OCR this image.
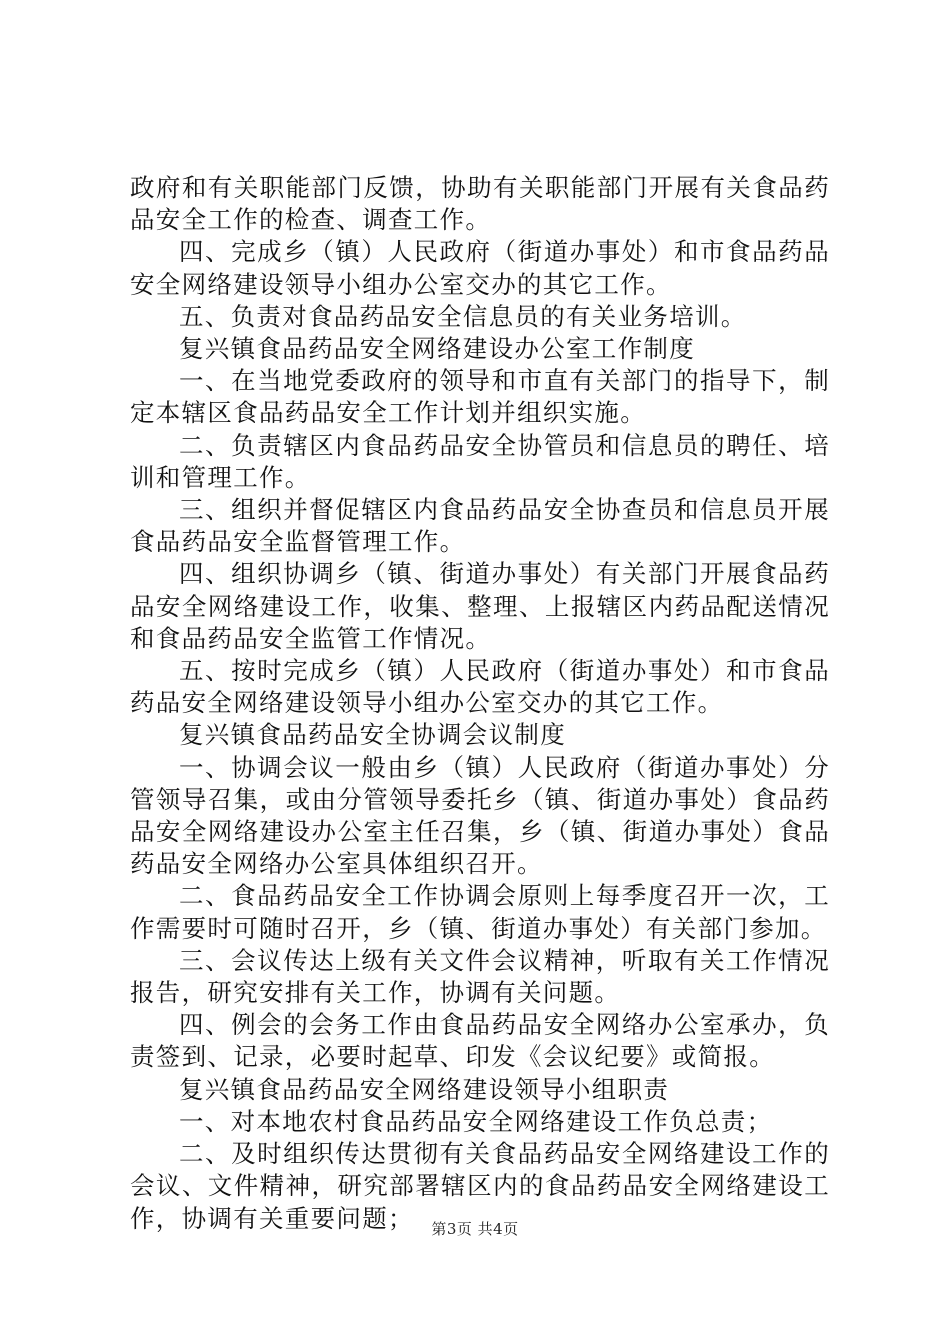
政府和有关职能部门反馈，协助有关职能部门开展有关食品药品安全工作的检查、调查工作。

四、完成乡（镇）人民政府（街道办事处）和市食品药品安全网络建设领导小组办公室交办的其它工作。

五、负责对食品药品安全信息员的有关业务培训。

复兴镇食品药品安全网络建设办公室工作制度

一、在当地党委政府的领导和市直有关部门的指导下，制定本辖区食品药品安全工作计划并组织实施。

二、负责辖区内食品药品安全协管员和信息员的聘任、培训和管理工作。

三、组织并督促辖区内食品药品安全协查员和信息员开展食品药品安全监督管理工作。

四、组织协调乡（镇、街道办事处）有关部门开展食品药品安全网络建设工作，收集、整理、上报辖区内药品配送情况和食品药品安全监管工作情况。

五、按时完成乡（镇）人民政府（街道办事处）和市食品药品安全网络建设领导小组办公室交办的其它工作。

复兴镇食品药品安全协调会议制度

一、协调会议一般由乡（镇）人民政府（街道办事处）分管领导召集，或由分管领导委托乡（镇、街道办事处）食品药品安全网络建设办公室主任召集，乡（镇、街道办事处）食品药品安全网络办公室具体组织召开。

二、食品药品安全工作协调会原则上每季度召开一次，工作需要时可随时召开，乡（镇、街道办事处）有关部门参加。

三、会议传达上级有关文件会议精神，听取有关工作情况报告，研究安排有关工作，协调有关问题。

四、例会的会务工作由食品药品安全网络办公室承办，负责签到、记录，必要时起草、印发《会议纪要》或简报。

复兴镇食品药品安全网络建设领导小组职责

一、对本地农村食品药品安全网络建设工作负总责；

二、及时组织传达贯彻有关食品药品安全网络建设工作的会议、文件精神，研究部署辖区内的食品药品安全网络建设工作，协调有关重要问题；	第3页 共4页
